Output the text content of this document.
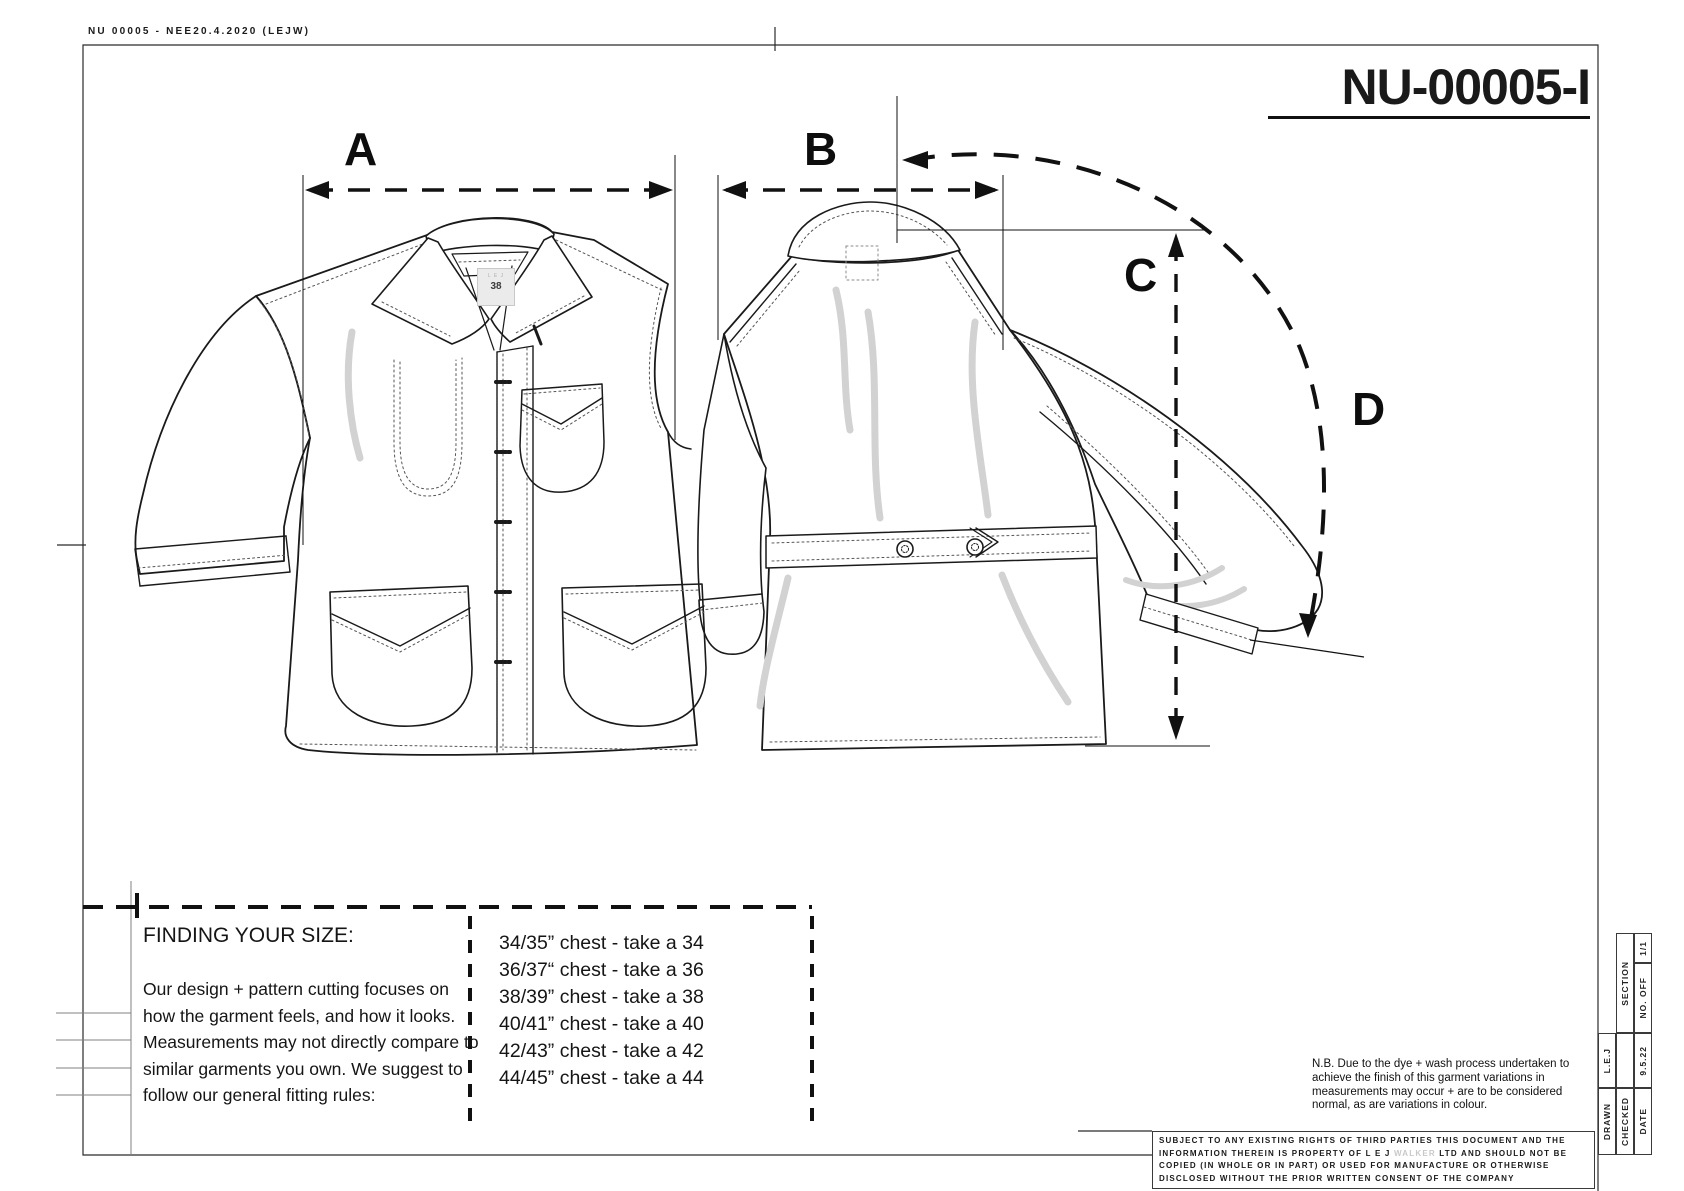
NU 00005 - NEE20.4.2020 (LEJW)
NU-00005-I
A	B
C
D
L E J
38
FINDING YOUR SIZE:
Our design + pattern cutting focuses on how the garment feels, and how it looks. Measurements may not directly compare to similar garments you own. We suggest to follow our general fitting rules:
34/35” chest - take a 34
36/37“ chest - take a 36
38/39” chest - take a 38
40/41” chest - take a 40
42/43” chest - take a 42
44/45” chest - take a 44
N.B. Due to the dye + wash process undertaken to achieve the finish of this garment variations in measurements may occur + are to be considered normal, as are variations in colour.
SUBJECT TO ANY EXISTING RIGHTS OF THIRD PARTIES THIS DOCUMENT AND THE INFORMATION THEREIN IS PROPERTY OF L E J WALKER LTD AND SHOULD NOT BE COPIED (IN WHOLE OR IN PART) OR USED FOR MANUFACTURE OR OTHERWISE DISCLOSED WITHOUT THE PRIOR WRITTEN CONSENT OF THE COMPANY
SECTION
1/1
NO. OFF
L.E.J	9.5.22
DRAWN CHECKED DATE
